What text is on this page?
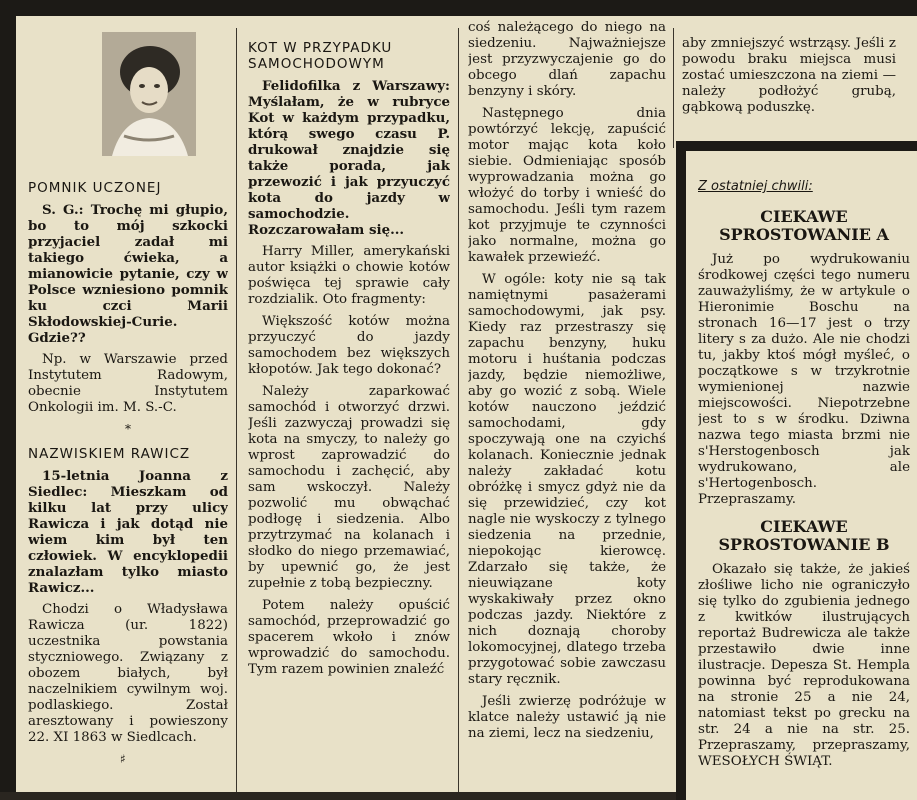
POMNIK UCZONEJ

S. G.: Trochę mi głupio, bo to mój szkocki przyjaciel zadał mi takiego ćwieka, a mianowicie pytanie, czy w Polsce wzniesiono pomnik ku czci Marii Skłodowskiej-Curie. Gdzie??

Np. w Warszawie przed Instytutem Radowym, obecnie Instytutem Onkologii im. M. S.-C.

*
NAZWISKIEM RAWICZ

15-letnia Joanna z Siedlec: Mieszkam od kilku lat przy ulicy Rawicza i jak dotąd nie wiem kim był ten człowiek. W encyklopedii znalazłam tylko miasto Rawicz...

Chodzi o Władysława Rawicza (ur. 1822) uczestnika powstania styczniowego. Związany z obozem białych, był naczelnikiem cywilnym woj. podlaskiego. Został aresztowany i powieszony 22. XI 1863 w Siedlcach.

♯
KOT W PRZYPADKU SAMOCHODOWYM

Felidofilka z Warszawy: Myślałam, że w rubryce Kot w każdym przypadku, którą swego czasu P. drukował znajdzie się także porada, jak przewozić i jak przyuczyć kota do jazdy w samochodzie. Rozczarowałam się...

Harry Miller, amerykański autor książki o chowie kotów poświęca tej sprawie cały rozdzialik. Oto fragmenty:

Większość kotów można przyuczyć do jazdy samochodem bez większych kłopotów. Jak tego dokonać?

Należy zaparkować samochód i otworzyć drzwi. Jeśli zazwyczaj prowadzi się kota na smyczy, to należy go wprost zaprowadzić do samochodu i zachęcić, aby sam wskoczył. Należy pozwolić mu obwąchać podłogę i siedzenia. Albo przytrzymać na kolanach i słodko do niego przemawiać, by upewnić go, że jest zupełnie z tobą bezpieczny.

Potem należy opuścić samochód, przeprowadzić go spacerem wkoło i znów wprowadzić do samochodu. Tym razem powinien znaleźć

coś należącego do niego na siedzeniu. Najważniejsze jest przyzwyczajenie go do obcego dlań zapachu benzyny i skóry.

Następnego dnia powtórzyć lekcję, zapuścić motor mając kota koło siebie. Odmieniając sposób wyprowadzania można go włożyć do torby i wnieść do samochodu. Jeśli tym razem kot przyjmuje te czynności jako normalne, można go kawałek przewieźć.

W ogóle: koty nie są tak namiętnymi pasażerami samochodowymi, jak psy. Kiedy raz przestraszy się zapachu benzyny, huku motoru i huśtania podczas jazdy, będzie niemożliwe, aby go wozić z sobą. Wiele kotów nauczono jeździć samochodami, gdy spoczywają one na czyichś kolanach. Koniecznie jednak należy zakładać kotu obróżkę i smycz gdyż nie da się przewidzieć, czy kot nagle nie wyskoczy z tylnego siedzenia na przednie, niepokojąc kierowcę. Zdarzało się także, że nieuwiązane koty wyskakiwały przez okno podczas jazdy. Niektóre z nich doznają choroby lokomocyjnej, dlatego trzeba przygotować sobie zawczasu stary ręcznik.

Jeśli zwierzę podróżuje w klatce należy ustawić ją nie na ziemi, lecz na siedzeniu,

aby zmniejszyć wstrząsy. Jeśli z powodu braku miejsca musi zostać umieszczona na ziemi — należy podłożyć grubą, gąbkową poduszkę.

Z ostatniej chwili:
CIEKAWE SPROSTOWANIE A

Już po wydrukowaniu środkowej części tego numeru zauważyliśmy, że w artykule o Hieronimie Boschu na stronach 16—17 jest o trzy litery s za dużo. Ale nie chodzi tu, jakby ktoś mógł myśleć, o początkowe s w trzykrotnie wymienionej nazwie miejscowości. Niepotrzebne jest to s w środku. Dziwna nazwa tego miasta brzmi nie s'Herstogenbosch jak wydrukowano, ale s'Hertogenbosch. Przepraszamy.

CIEKAWE SPROSTOWANIE B

Okazało się także, że jakieś złośliwe licho nie ograniczyło się tylko do zgubienia jednego z kwitków ilustrujących reportaż Budrewicza ale także przestawiło dwie inne ilustracje. Depesza St. Hempla powinna być reprodukowana na stronie 25 a nie 24, natomiast tekst po grecku na str. 24 a nie na str. 25. Przepraszamy, przepraszamy, WESOŁYCH ŚWIĄT.
